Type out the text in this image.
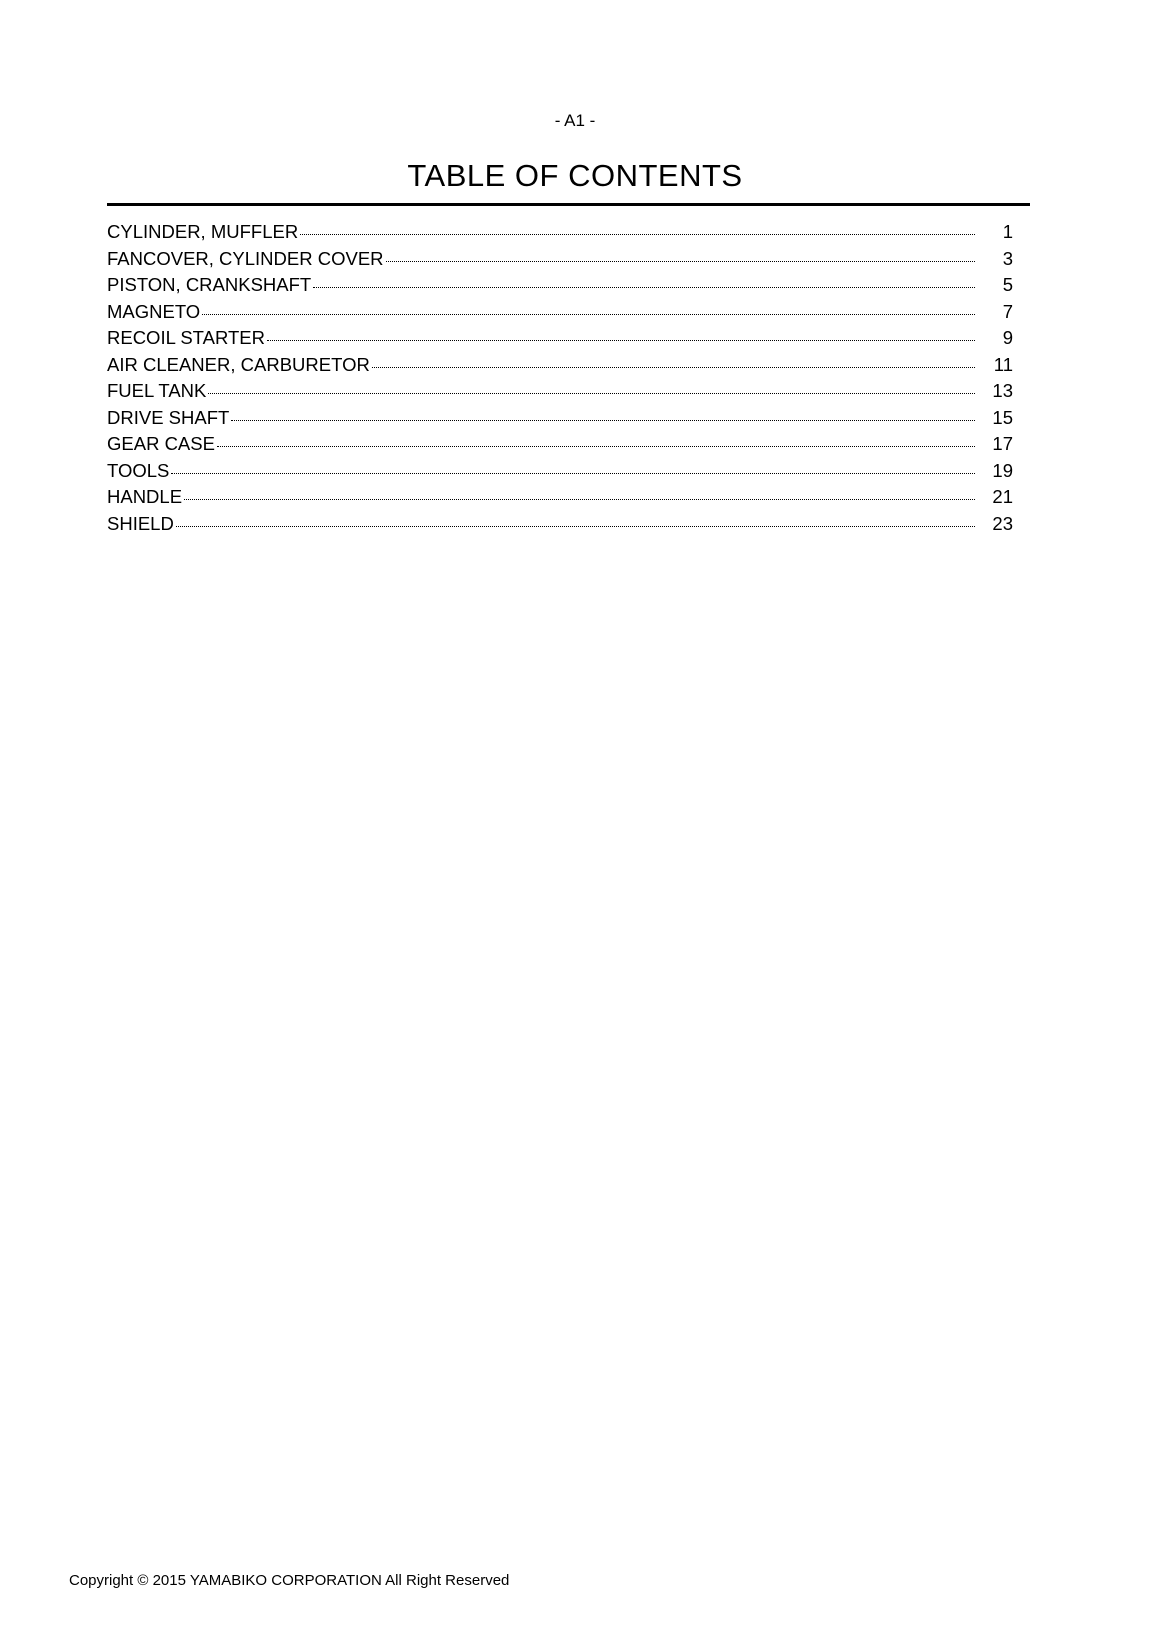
- A1 -
TABLE OF CONTENTS
CYLINDER, MUFFLER	1
FANCOVER, CYLINDER COVER	3
PISTON, CRANKSHAFT	5
MAGNETO	7
RECOIL STARTER	9
AIR CLEANER, CARBURETOR	11
FUEL TANK	13
DRIVE SHAFT	15
GEAR CASE	17
TOOLS	19
HANDLE	21
SHIELD	23
Copyright © 2015 YAMABIKO CORPORATION All Right Reserved
